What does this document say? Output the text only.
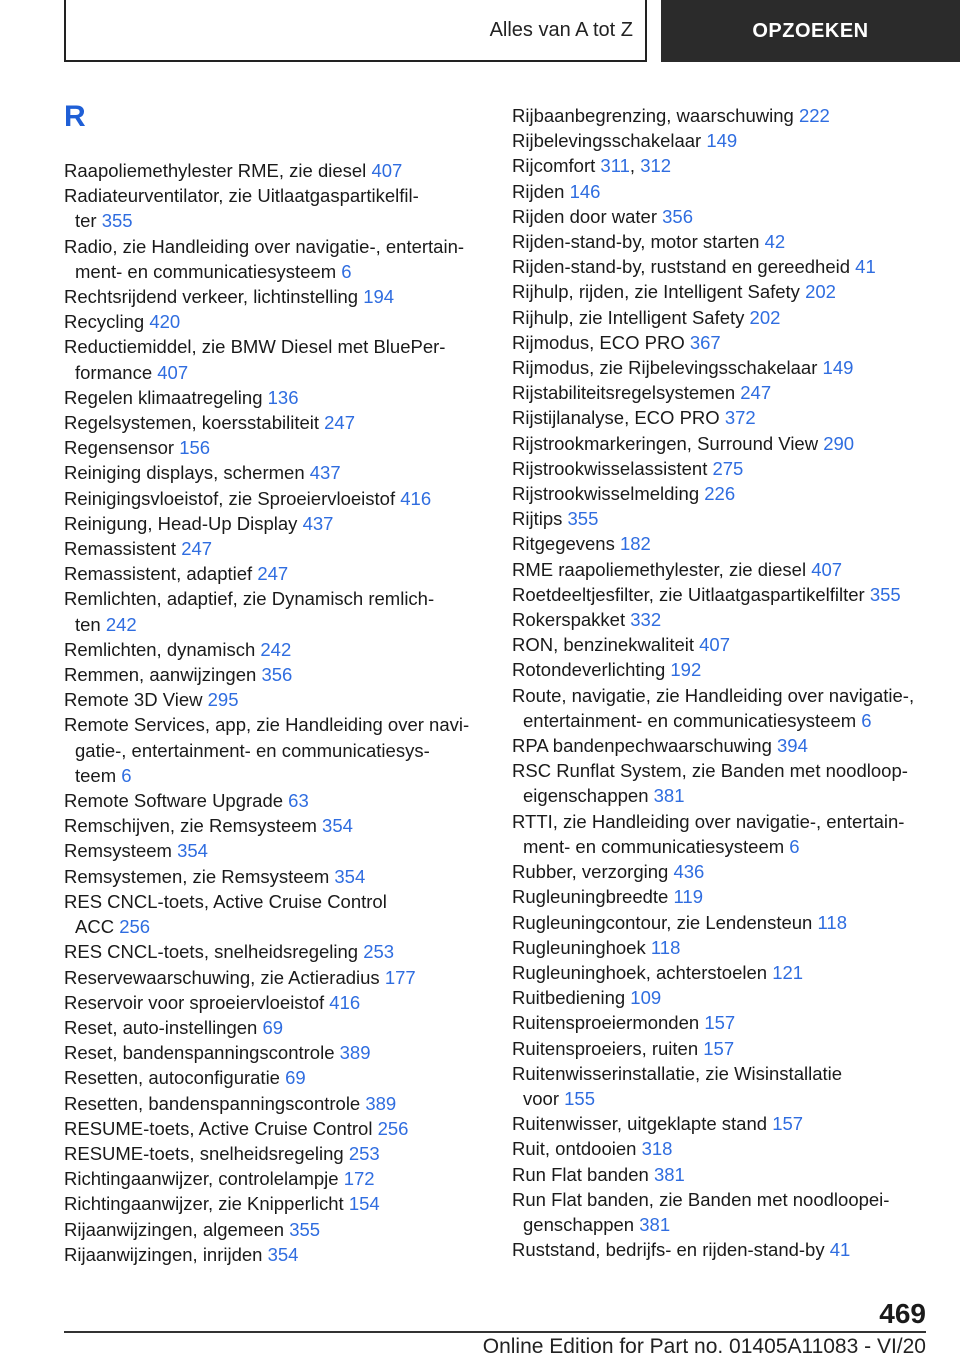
Alles van A tot Z	OPZOEKEN
R
Raapoliemethylester RME, zie diesel 407
Radiateurventilator, zie Uitlaatgaspartikelfil-
ter 355
Radio, zie Handleiding over navigatie-, entertain-
ment- en communicatiesysteem 6
Rechtsrijdend verkeer, lichtinstelling 194
Recycling 420
Reductiemiddel, zie BMW Diesel met BluePer-
formance 407
Regelen klimaatregeling 136
Regelsystemen, koersstabiliteit 247
Regensensor 156
Reiniging displays, schermen 437
Reinigingsvloeistof, zie Sproeiervloeistof 416
Reinigung, Head-Up Display 437
Remassistent 247
Remassistent, adaptief 247
Remlichten, adaptief, zie Dynamisch remlich-
ten 242
Remlichten, dynamisch 242
Remmen, aanwijzingen 356
Remote 3D View 295
Remote Services, app, zie Handleiding over navi-
gatie-, entertainment- en communicatiesys-
teem 6
Remote Software Upgrade 63
Remschijven, zie Remsysteem 354
Remsysteem 354
Remsystemen, zie Remsysteem 354
RES CNCL-toets, Active Cruise Control
ACC 256
RES CNCL-toets, snelheidsregeling 253
Reservewaarschuwing, zie Actieradius 177
Reservoir voor sproeiervloeistof 416
Reset, auto-instellingen 69
Reset, bandenspanningscontrole 389
Resetten, autoconfiguratie 69
Resetten, bandenspanningscontrole 389
RESUME-toets, Active Cruise Control 256
RESUME-toets, snelheidsregeling 253
Richtingaanwijzer, controlelampje 172
Richtingaanwijzer, zie Knipperlicht 154
Rijaanwijzingen, algemeen 355
Rijaanwijzingen, inrijden 354
Rijbaanbegrenzing, waarschuwing 222
Rijbelevingsschakelaar 149
Rijcomfort 311, 312
Rijden 146
Rijden door water 356
Rijden-stand-by, motor starten 42
Rijden-stand-by, ruststand en gereedheid 41
Rijhulp, rijden, zie Intelligent Safety 202
Rijhulp, zie Intelligent Safety 202
Rijmodus, ECO PRO 367
Rijmodus, zie Rijbelevingsschakelaar 149
Rijstabiliteitsregelsystemen 247
Rijstijlanalyse, ECO PRO 372
Rijstrookmarkeringen, Surround View 290
Rijstrookwisselassistent 275
Rijstrookwisselmelding 226
Rijtips 355
Ritgegevens 182
RME raapoliemethylester, zie diesel 407
Roetdeeltjesfilter, zie Uitlaatgaspartikelfilter 355
Rokerspakket 332
RON, benzinekwaliteit 407
Rotondeverlichting 192
Route, navigatie, zie Handleiding over navigatie-,
entertainment- en communicatiesysteem 6
RPA bandenpechwaarschuwing 394
RSC Runflat System, zie Banden met noodloop-
eigenschappen 381
RTTI, zie Handleiding over navigatie-, entertain-
ment- en communicatiesysteem 6
Rubber, verzorging 436
Rugleuningbreedte 119
Rugleuningcontour, zie Lendensteun 118
Rugleuninghoek 118
Rugleuninghoek, achterstoelen 121
Ruitbediening 109
Ruitensproeiermonden 157
Ruitensproeiers, ruiten 157
Ruitenwisserinstallatie, zie Wisinstallatie
voor 155
Ruitenwisser, uitgeklapte stand 157
Ruit, ontdooien 318
Run Flat banden 381
Run Flat banden, zie Banden met noodloopei-
genschappen 381
Ruststand, bedrijfs- en rijden-stand-by 41
469
Online Edition for Part no. 01405A11083 - VI/20
